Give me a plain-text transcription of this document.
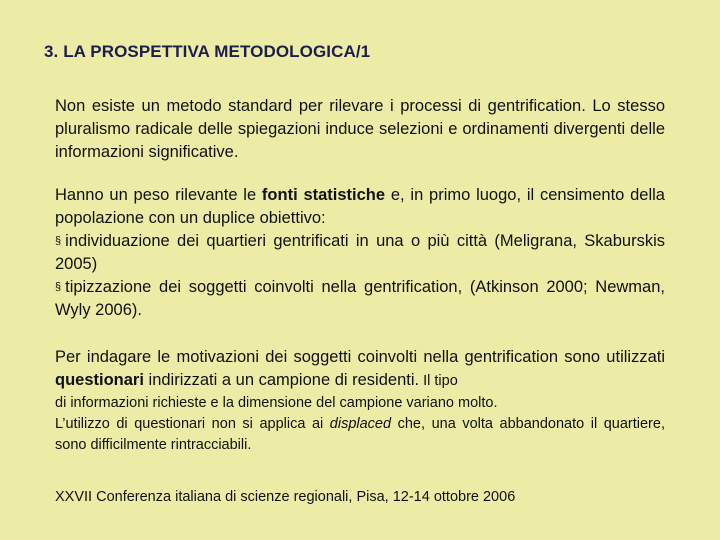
3. LA PROSPETTIVA METODOLOGICA/1

Non esiste un metodo standard per rilevare i processi di gentrification. Lo stesso pluralismo radicale delle spiegazioni induce selezioni e ordinamenti divergenti delle informazioni significative.

Hanno un peso rilevante le fonti statistiche e, in primo luogo, il censimento della popolazione con un duplice obiettivo:

§ individuazione dei quartieri gentrificati in una o più città (Meligrana, Skaburskis 2005)

§ tipizzazione dei soggetti coinvolti nella gentrification, (Atkinson 2000; Newman, Wyly 2006).

Per indagare le motivazioni dei soggetti coinvolti nella gentrification sono utilizzati questionari indirizzati a un campione di residenti. Il tipo

di informazioni richieste e la dimensione del campione variano molto.

L’utilizzo di questionari non si applica ai displaced che, una volta abbandonato il quartiere, sono difficilmente rintracciabili.

XXVII Conferenza italiana di scienze regionali, Pisa, 12-14 ottobre 2006
